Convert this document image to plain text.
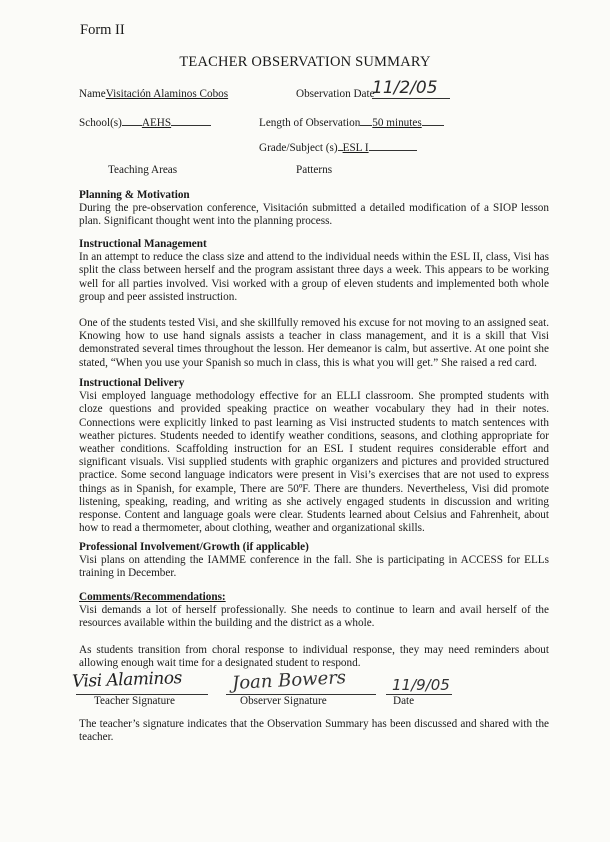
Form II
TEACHER OBSERVATION SUMMARY
NameVisitación Alaminos Cobos	Observation Date
11/2/05
School(s) AEHS	Length of Observation 50 minutes
Grade/Subject (s) ESL I
Teaching Areas	Patterns
Planning & Motivation

During the pre-observation conference, Visitación submitted a detailed modification of a SIOP lesson plan. Significant thought went into the planning process.

Instructional Management

In an attempt to reduce the class size and attend to the individual needs within the ESL II, class, Visi has split the class between herself and the program assistant three days a week. This appears to be working well for all parties involved. Visi worked with a group of eleven students and implemented both whole group and peer assisted instruction.

One of the students tested Visi, and she skillfully removed his excuse for not moving to an assigned seat. Knowing how to use hand signals assists a teacher in class management, and it is a skill that Visi demonstrated several times throughout the lesson. Her demeanor is calm, but assertive. At one point she stated, “When you use your Spanish so much in class, this is what you will get.” She raised a red card.

Instructional Delivery

Visi employed language methodology effective for an ELLI classroom. She prompted students with cloze questions and provided speaking practice on weather vocabulary they had in their notes. Connections were explicitly linked to past learning as Visi instructed students to match sentences with weather pictures. Students needed to identify weather conditions, seasons, and clothing appropriate for weather conditions. Scaffolding instruction for an ESL I student requires considerable effort and significant visuals. Visi supplied students with graphic organizers and pictures and provided structured practice. Some second language indicators were present in Visi’s exercises that are not used to express things as in Spanish, for example, There are 50ºF. There are thunders. Nevertheless, Visi did promote listening, speaking, reading, and writing as she actively engaged students in discussion and writing response. Content and language goals were clear. Students learned about Celsius and Fahrenheit, about how to read a thermometer, about clothing, weather and organizational skills.

Professional Involvement/Growth (if applicable)

Visi plans on attending the IAMME conference in the fall. She is participating in ACCESS for ELLs training in December.

Comments/Recommendations:

Visi demands a lot of herself professionally. She needs to continue to learn and avail herself of the resources available within the building and the district as a whole.

As students transition from choral response to individual response, they may need reminders about allowing enough wait time for a designated student to respond.

Visi Alaminos
Teacher Signature
Joan Bowers
Observer Signature
11/9/05
Date
The teacher’s signature indicates that the Observation Summary has been discussed and shared with the teacher.
